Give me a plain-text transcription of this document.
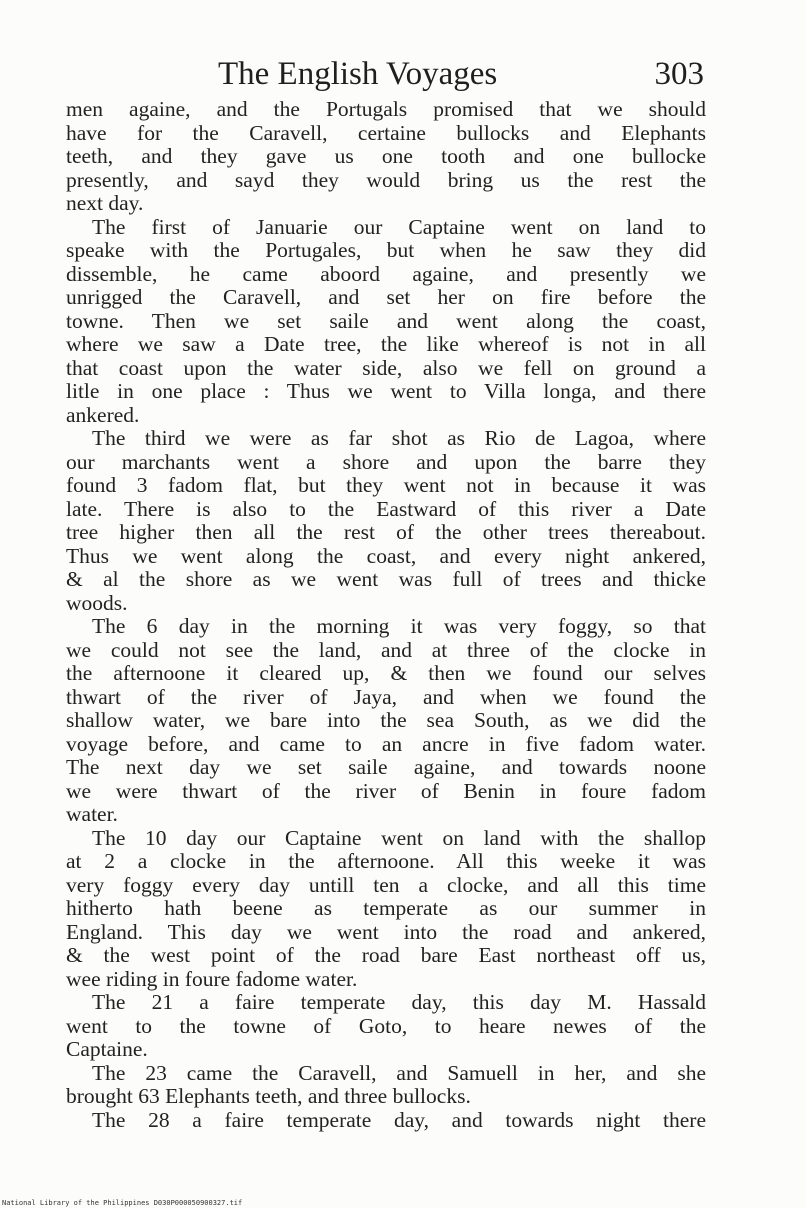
The English Voyages	303
men againe, and the Portugals promised that we should
have for the Caravell, certaine bullocks and Elephants
teeth, and they gave us one tooth and one bullocke
presently, and sayd they would bring us the rest the
next day.
The first of Januarie our Captaine went on land to
speake with the Portugales, but when he saw they did
dissemble, he came aboord againe, and presently we
unrigged the Caravell, and set her on fire before the
towne. Then we set saile and went along the coast,
where we saw a Date tree, the like whereof is not in all
that coast upon the water side, also we fell on ground a
litle in one place : Thus we went to Villa longa, and there
ankered.
The third we were as far shot as Rio de Lagoa, where
our marchants went a shore and upon the barre they
found 3 fadom flat, but they went not in because it was
late. There is also to the Eastward of this river a Date
tree higher then all the rest of the other trees thereabout.
Thus we went along the coast, and every night ankered,
& al the shore as we went was full of trees and thicke
woods.
The 6 day in the morning it was very foggy, so that
we could not see the land, and at three of the clocke in
the afternoone it cleared up, & then we found our selves
thwart of the river of Jaya, and when we found the
shallow water, we bare into the sea South, as we did the
voyage before, and came to an ancre in five fadom water.
The next day we set saile againe, and towards noone
we were thwart of the river of Benin in foure fadom
water.
The 10 day our Captaine went on land with the shallop
at 2 a clocke in the afternoone. All this weeke it was
very foggy every day untill ten a clocke, and all this time
hitherto hath beene as temperate as our summer in
England. This day we went into the road and ankered,
& the west point of the road bare East northeast off us,
wee riding in foure fadome water.
The 21 a faire temperate day, this day M. Hassald
went to the towne of Goto, to heare newes of the
Captaine.
The 23 came the Caravell, and Samuell in her, and she
brought 63 Elephants teeth, and three bullocks.
The 28 a faire temperate day, and towards night there
National Library of the Philippines D030P000050900327.tif
